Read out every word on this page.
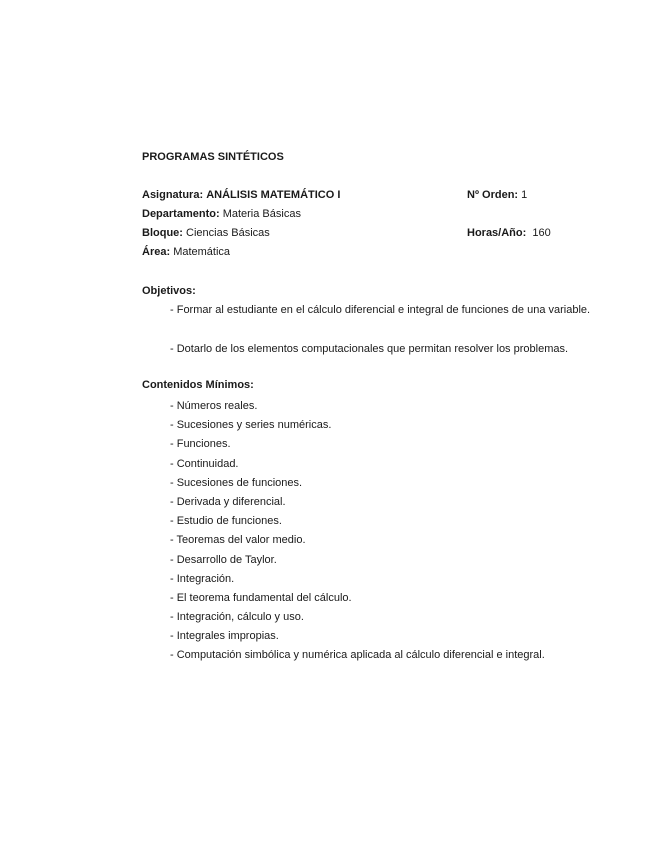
PROGRAMAS SINTÉTICOS
Asignatura: ANÁLISIS MATEMÁTICO I	Nº Orden: 1
Departamento: Materia Básicas
Bloque: Ciencias Básicas	Horas/Año: 160
Área: Matemática
Objetivos:
- Formar al estudiante en el cálculo diferencial e integral de funciones de una variable.
- Dotarlo de los elementos computacionales que permitan resolver los problemas.
Contenidos Mínimos:
- Números reales.
- Sucesiones y series numéricas.
- Funciones.
- Continuidad.
- Sucesiones de funciones.
- Derivada y diferencial.
- Estudio de funciones.
- Teoremas del valor medio.
- Desarrollo de Taylor.
- Integración.
- El teorema fundamental del cálculo.
- Integración, cálculo y uso.
- Integrales impropias.
- Computación simbólica y numérica aplicada al cálculo diferencial e integral.
